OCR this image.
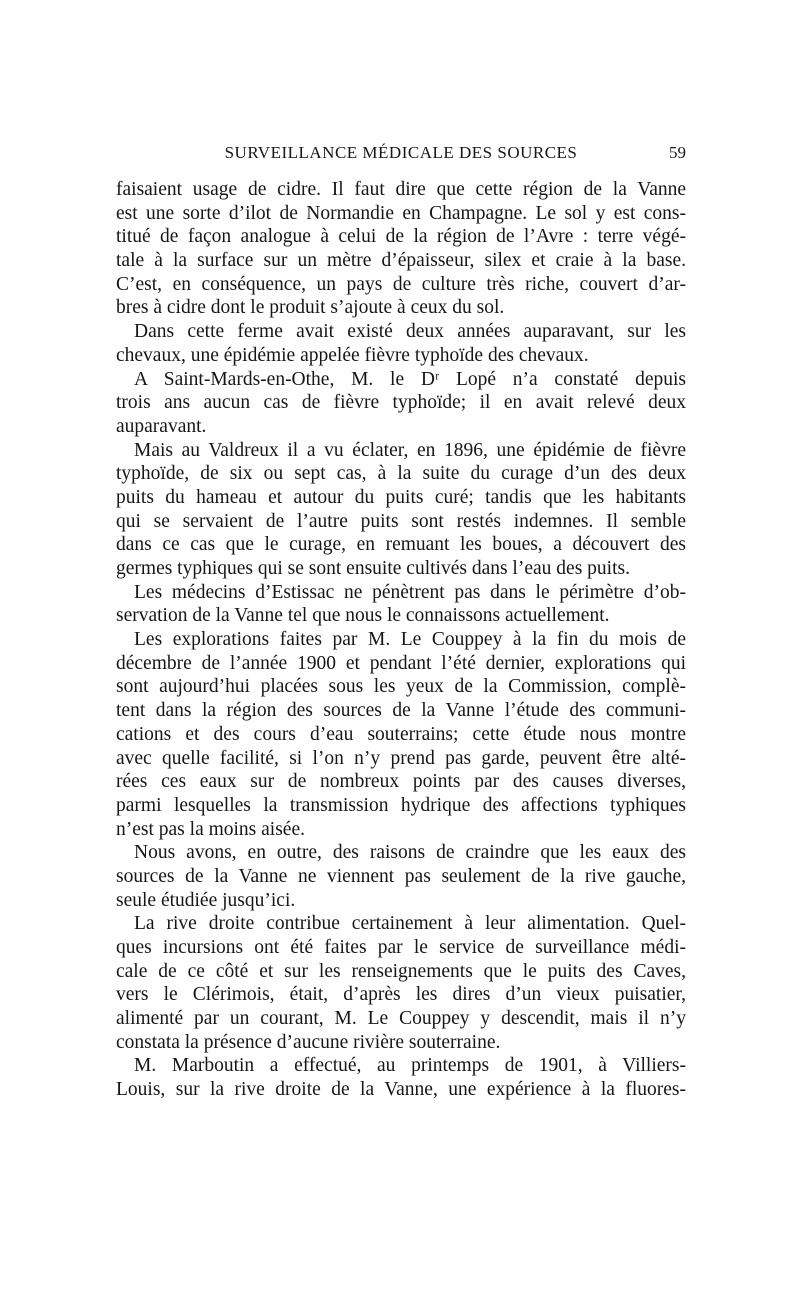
SURVEILLANCE MÉDICALE DES SOURCES	59
faisaient usage de cidre. Il faut dire que cette région de la Vanne
est une sorte d’ilot de Normandie en Champagne. Le sol y est cons-
titué de façon analogue à celui de la région de l’Avre : terre végé-
tale à la surface sur un mètre d’épaisseur, silex et craie à la base.
C’est, en conséquence, un pays de culture très riche, couvert d’ar-
bres à cidre dont le produit s’ajoute à ceux du sol.
Dans cette ferme avait existé deux années auparavant, sur les
chevaux, une épidémie appelée fièvre typhoïde des chevaux.
A Saint-Mards-en-Othe, M. le Dʳ Lopé n’a constaté depuis
trois ans aucun cas de fièvre typhoïde; il en avait relevé deux
auparavant.
Mais au Valdreux il a vu éclater, en 1896, une épidémie de fièvre
typhoïde, de six ou sept cas, à la suite du curage d’un des deux
puits du hameau et autour du puits curé; tandis que les habitants
qui se servaient de l’autre puits sont restés indemnes. Il semble
dans ce cas que le curage, en remuant les boues, a découvert des
germes typhiques qui se sont ensuite cultivés dans l’eau des puits.
Les médecins d’Estissac ne pénètrent pas dans le périmètre d’ob-
servation de la Vanne tel que nous le connaissons actuellement.
Les explorations faites par M. Le Couppey à la fin du mois de
décembre de l’année 1900 et pendant l’été dernier, explorations qui
sont aujourd’hui placées sous les yeux de la Commission, complè-
tent dans la région des sources de la Vanne l’étude des communi-
cations et des cours d’eau souterrains; cette étude nous montre
avec quelle facilité, si l’on n’y prend pas garde, peuvent être alté-
rées ces eaux sur de nombreux points par des causes diverses,
parmi lesquelles la transmission hydrique des affections typhiques
n’est pas la moins aisée.
Nous avons, en outre, des raisons de craindre que les eaux des
sources de la Vanne ne viennent pas seulement de la rive gauche,
seule étudiée jusqu’ici.
La rive droite contribue certainement à leur alimentation. Quel-
ques incursions ont été faites par le service de surveillance médi-
cale de ce côté et sur les renseignements que le puits des Caves,
vers le Clérimois, était, d’après les dires d’un vieux puisatier,
alimenté par un courant, M. Le Couppey y descendit, mais il n’y
constata la présence d’aucune rivière souterraine.
M. Marboutin a effectué, au printemps de 1901, à Villiers-
Louis, sur la rive droite de la Vanne, une expérience à la fluores-
